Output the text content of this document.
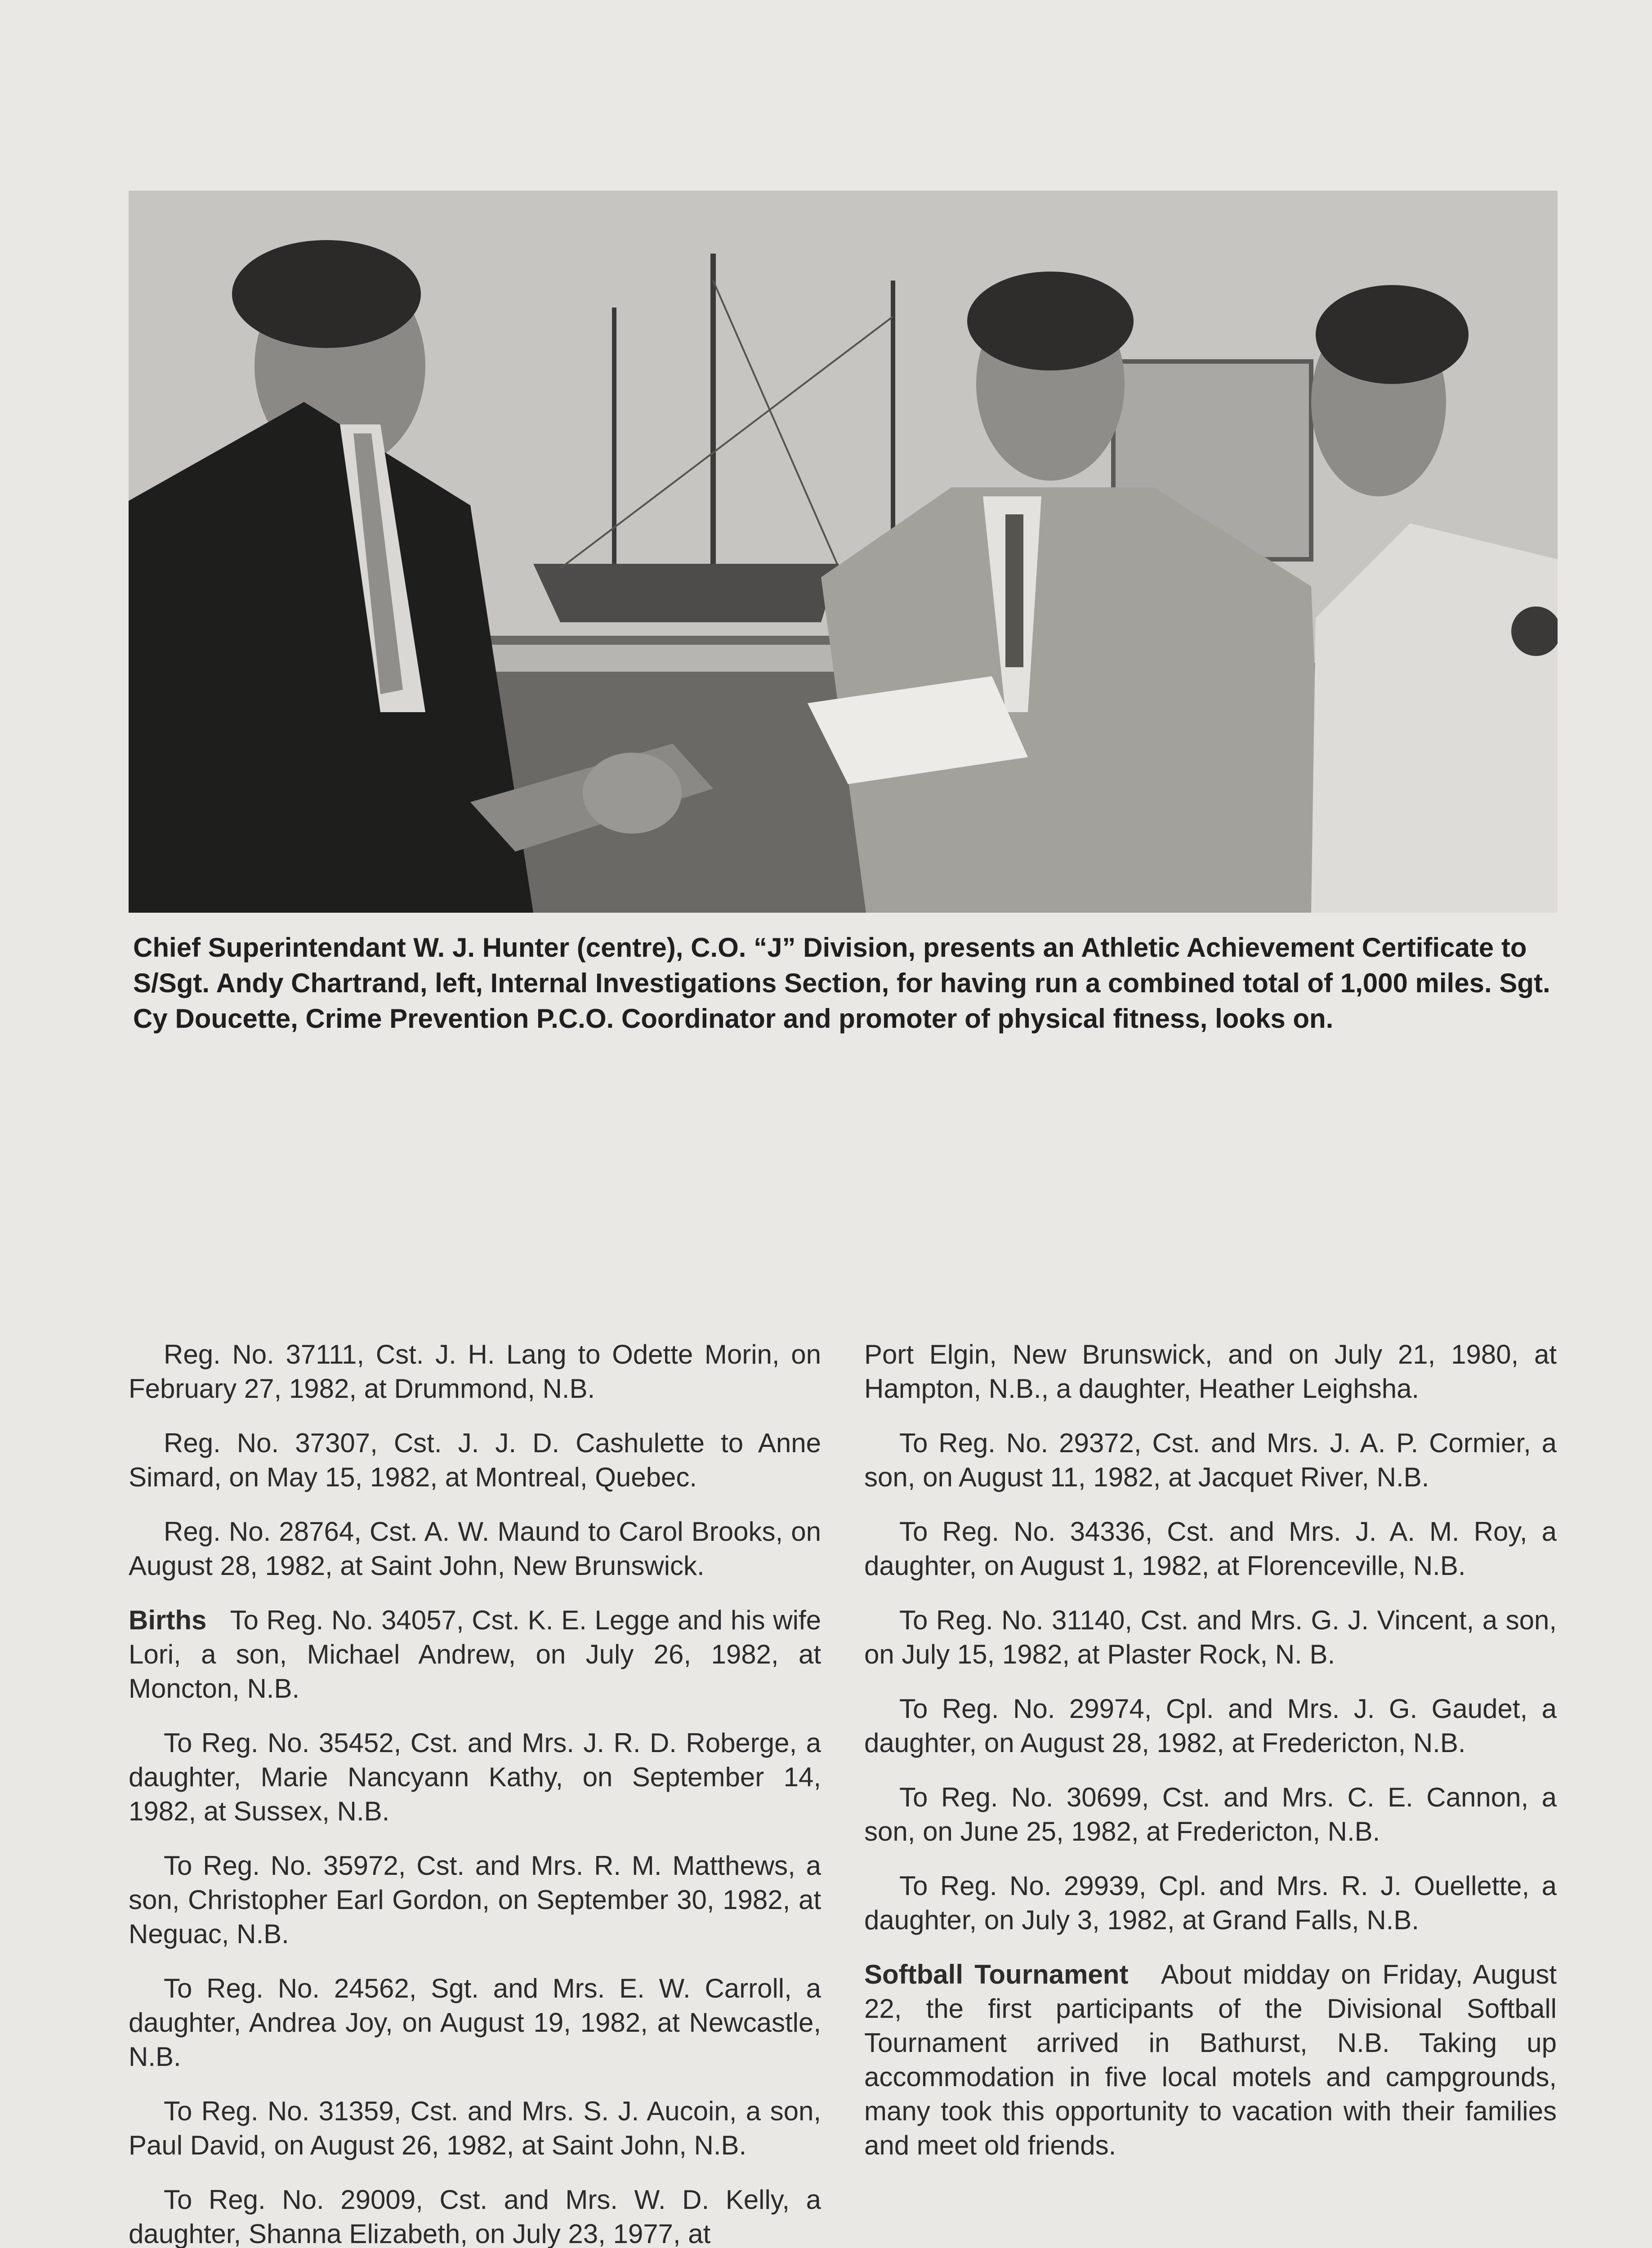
Chief Superintendant W. J. Hunter (centre), C.O. “J” Division, presents an Athletic Achievement Certificate to S/Sgt. Andy Chartrand, left, Internal Investigations Section, for having run a combined total of 1,000 miles. Sgt. Cy Doucette, Crime Prevention P.C.O. Coordinator and promoter of physical fitness, looks on.

Reg. No. 37111, Cst. J. H. Lang to Odette Morin, on February 27, 1982, at Drummond, N.B.

Reg. No. 37307, Cst. J. J. D. Cashulette to Anne Simard, on May 15, 1982, at Montreal, Quebec.

Reg. No. 28764, Cst. A. W. Maund to Carol Brooks, on August 28, 1982, at Saint John, New Brunswick.

Births To Reg. No. 34057, Cst. K. E. Legge and his wife Lori, a son, Michael Andrew, on July 26, 1982, at Moncton, N.B.

To Reg. No. 35452, Cst. and Mrs. J. R. D. Roberge, a daughter, Marie Nancyann Kathy, on September 14, 1982, at Sussex, N.B.

To Reg. No. 35972, Cst. and Mrs. R. M. Matthews, a son, Christopher Earl Gordon, on September 30, 1982, at Neguac, N.B.

To Reg. No. 24562, Sgt. and Mrs. E. W. Carroll, a daughter, Andrea Joy, on August 19, 1982, at Newcastle, N.B.

To Reg. No. 31359, Cst. and Mrs. S. J. Aucoin, a son, Paul David, on August 26, 1982, at Saint John, N.B.

To Reg. No. 29009, Cst. and Mrs. W. D. Kelly, a daughter, Shanna Elizabeth, on July 23, 1977, at

Port Elgin, New Brunswick, and on July 21, 1980, at Hampton, N.B., a daughter, Heather Leighsha.

To Reg. No. 29372, Cst. and Mrs. J. A. P. Cormier, a son, on August 11, 1982, at Jacquet River, N.B.

To Reg. No. 34336, Cst. and Mrs. J. A. M. Roy, a daughter, on August 1, 1982, at Florenceville, N.B.

To Reg. No. 31140, Cst. and Mrs. G. J. Vincent, a son, on July 15, 1982, at Plaster Rock, N. B.

To Reg. No. 29974, Cpl. and Mrs. J. G. Gaudet, a daughter, on August 28, 1982, at Fredericton, N.B.

To Reg. No. 30699, Cst. and Mrs. C. E. Cannon, a son, on June 25, 1982, at Fredericton, N.B.

To Reg. No. 29939, Cpl. and Mrs. R. J. Ouellette, a daughter, on July 3, 1982, at Grand Falls, N.B.

Softball Tournament About midday on Friday, August 22, the first participants of the Divisional Softball Tournament arrived in Bathurst, N.B. Taking up accommodation in five local motels and campgrounds, many took this opportunity to vacation with their families and meet old friends.
